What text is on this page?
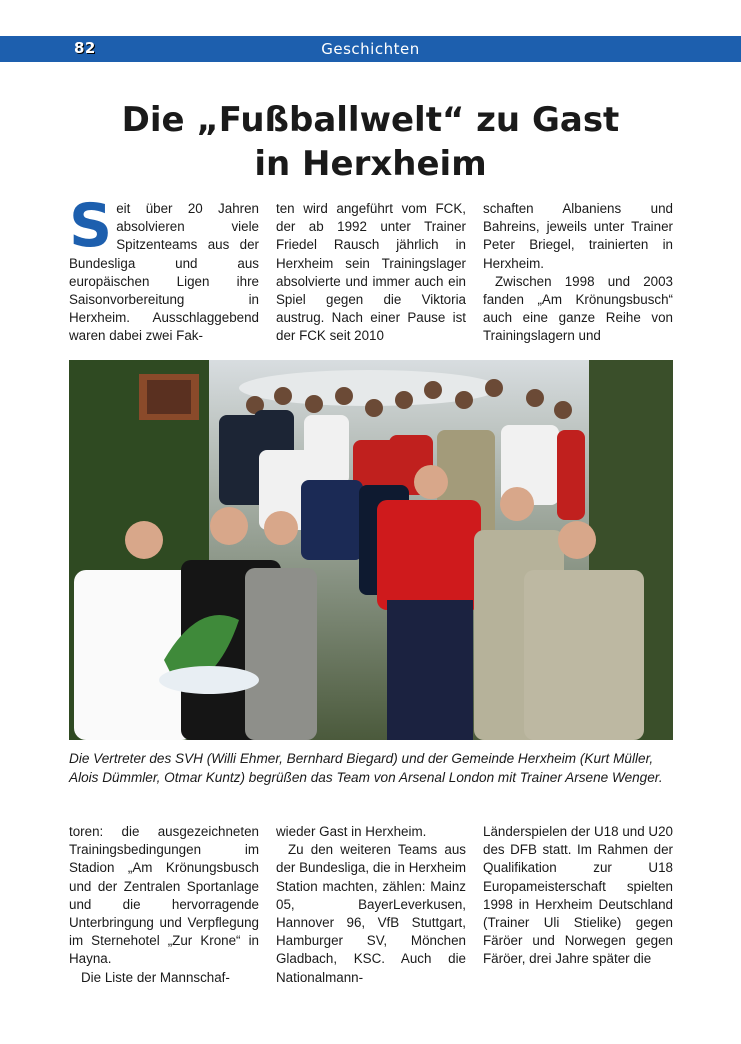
82	Geschichten
Die „Fußballwelt“ zu Gast
in Herxheim

S eit über 20 Jahren absolvieren viele Spitzenteams aus der Bundesliga und aus europäischen Ligen ihre Saisonvorbereitung in Herxheim. Ausschlaggebend waren dabei zwei Fak-

ten wird angeführt vom FCK, der ab 1992 unter Trainer Friedel Rausch jährlich in Herxheim sein Trainingslager absolvierte und immer auch ein Spiel gegen die Viktoria austrug. Nach einer Pause ist der FCK seit 2010

schaften Albaniens und Bahreins, jeweils unter Trainer Peter Briegel, trainierten in Herxheim.

Zwischen 1998 und 2003 fanden „Am Krönungsbusch“ auch eine ganze Reihe von Trainingslagern und

Die Vertreter des SVH (Willi Ehmer, Bernhard Biegard) und der Gemeinde Herxheim (Kurt Müller, Alois Dümmler, Otmar Kuntz) begrüßen das Team von Arsenal London mit Trainer Arsene Wenger.

toren: die ausgezeichneten Trainingsbedingungen im Stadion „Am Krönungsbusch und der Zentralen Sportanlage und die hervorragende Unterbringung und Verpflegung im Sternehotel „Zur Krone“ in Hayna.

Die Liste der Mannschaf-

wieder Gast in Herxheim.

Zu den weiteren Teams aus der Bundesliga, die in Herxheim Station machten, zählen: Mainz 05, BayerLeverkusen, Hannover 96, VfB Stuttgart, Hamburger SV, Mönchen Gladbach, KSC. Auch die Nationalmann-

Länderspielen der U18 und U20 des DFB statt. Im Rahmen der Qualifikation zur U18 Europameisterschaft spielten 1998 in Herxheim Deutschland (Trainer Uli Stielike) gegen Färöer und Norwegen gegen Färöer, drei Jahre später die
